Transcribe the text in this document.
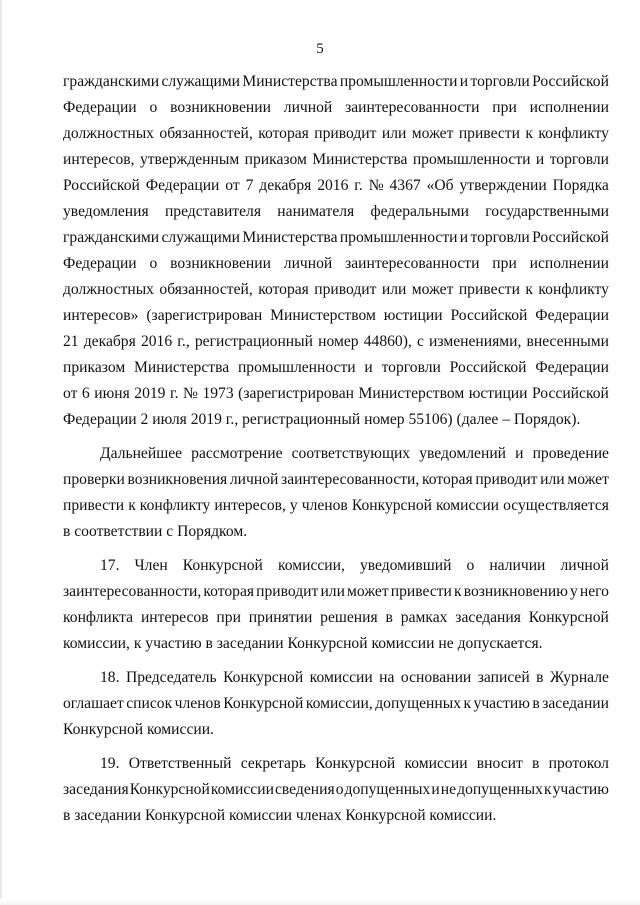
5
гражданскими служащими Министерства промышленности и торговли Российской
Федерации о возникновении личной заинтересованности при исполнении
должностных обязанностей, которая приводит или может привести к конфликту
интересов, утвержденным приказом Министерства промышленности и торговли
Российской Федерации от 7 декабря 2016 г. № 4367 «Об утверждении Порядка
уведомления представителя нанимателя федеральными государственными
гражданскими служащими Министерства промышленности и торговли Российской
Федерации о возникновении личной заинтересованности при исполнении
должностных обязанностей, которая приводит или может привести к конфликту
интересов» (зарегистрирован Министерством юстиции Российской Федерации
21 декабря 2016 г., регистрационный номер 44860), с изменениями, внесенными
приказом Министерства промышленности и торговли Российской Федерации
от 6 июня 2019 г. № 1973 (зарегистрирован Министерством юстиции Российской
Федерации 2 июля 2019 г., регистрационный номер 55106) (далее – Порядок).
Дальнейшее рассмотрение соответствующих уведомлений и проведение
проверки возникновения личной заинтересованности, которая приводит или может
привести к конфликту интересов, у членов Конкурсной комиссии осуществляется
в соответствии с Порядком.
17. Член Конкурсной комиссии, уведомивший о наличии личной
заинтересованности, которая приводит или может привести к возникновению у него
конфликта интересов при принятии решения в рамках заседания Конкурсной
комиссии, к участию в заседании Конкурсной комиссии не допускается.
18. Председатель Конкурсной комиссии на основании записей в Журнале
оглашает список членов Конкурсной комиссии, допущенных к участию в заседании
Конкурсной комиссии.
19. Ответственный секретарь Конкурсной комиссии вносит в протокол
заседания Конкурсной комиссии сведения о допущенных и не допущенных к участию
в заседании Конкурсной комиссии членах Конкурсной комиссии.
